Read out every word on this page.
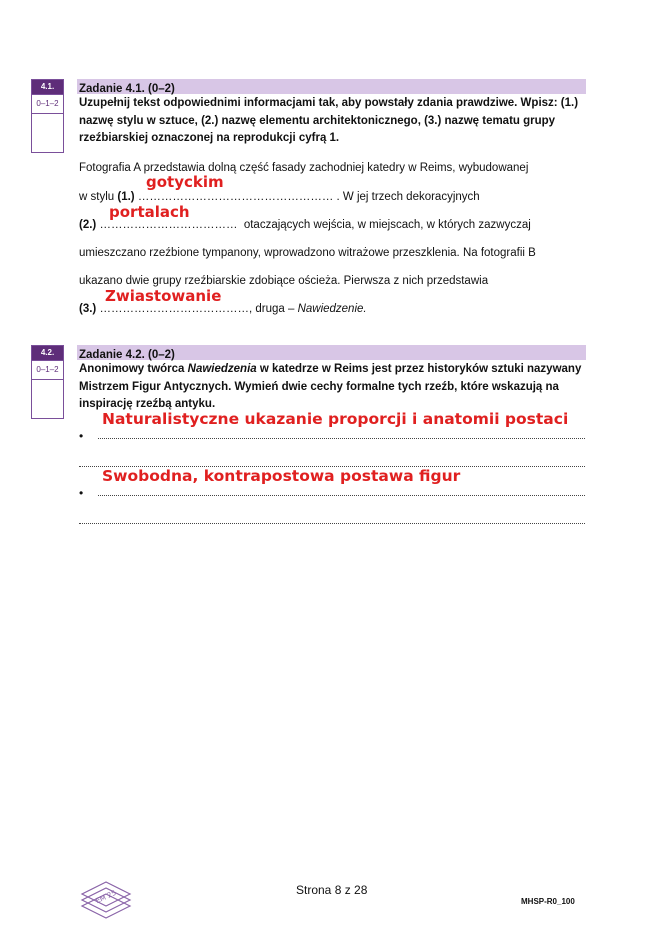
4.1.
0–1–2
Zadanie 4.1. (0–2)
Uzupełnij tekst odpowiednimi informacjami tak, aby powstały zdania prawdziwe. Wpisz: (1.) nazwę stylu w sztuce, (2.) nazwę elementu architektonicznego, (3.) nazwę tematu grupy rzeźbiarskiej oznaczonej na reprodukcji cyfrą 1.
Fotografia A przedstawia dolną część fasady zachodniej katedry w Reims, wybudowanej
gotyckim
w stylu (1.) …………………………………………… . W jej trzech dekoracyjnych
portalach
(2.) ……………………………… otaczających wejścia, w miejscach, w których zazwyczaj
umieszczano rzeźbione tympanony, wprowadzono witrażowe przeszklenia. Na fotografii B
ukazano dwie grupy rzeźbiarskie zdobiące ościeża. Pierwsza z nich przedstawia
Zwiastowanie
(3.) …………………………………, druga – Nawiedzenie.
4.2.
0–1–2
Zadanie 4.2. (0–2)
Anonimowy twórca Nawiedzenia w katedrze w Reims jest przez historyków sztuki nazywany Mistrzem Figur Antycznych. Wymień dwie cechy formalne tych rzeźb, które wskazują na inspirację rzeźbą antyku.
Naturalistyczne ukazanie proporcji i anatomii postaci
•
Swobodna, kontrapostowa postawa figur
•
EM 25	Strona 8 z 28
MHSP-R0_100
